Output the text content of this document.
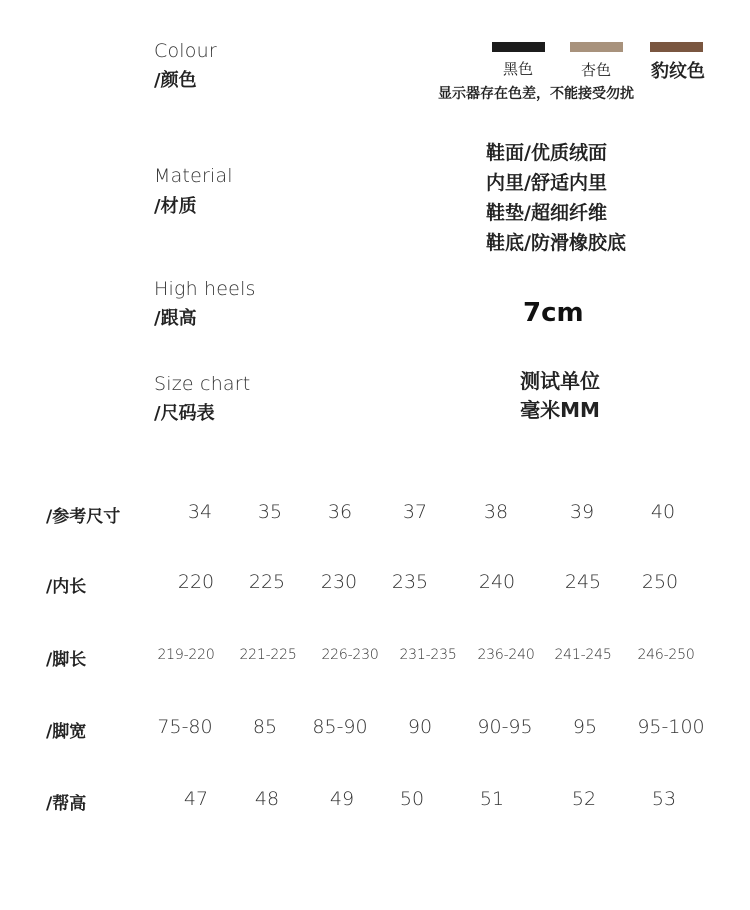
Colour
/颜色
黑色	杏色	豹纹色
显示器存在色差，不能接受勿扰
Material
/材质
鞋面/优质绒面
内里/舒适内里
鞋垫/超细纤维
鞋底/防滑橡胶底
High heels
/跟高	7cm
Size chart
/尺码表
测试单位
毫米MM
/参考尺寸	34 35 36	37	38	39	40
/内长	220 225 230 235	240	245 250
/脚长	219-220 221-225 226-230 231-235 236-240 241-245 246-250
/脚宽	75-80 85 85-90 90 90-95 95 95-100
/帮高	47 48	49 50	51	52	53
